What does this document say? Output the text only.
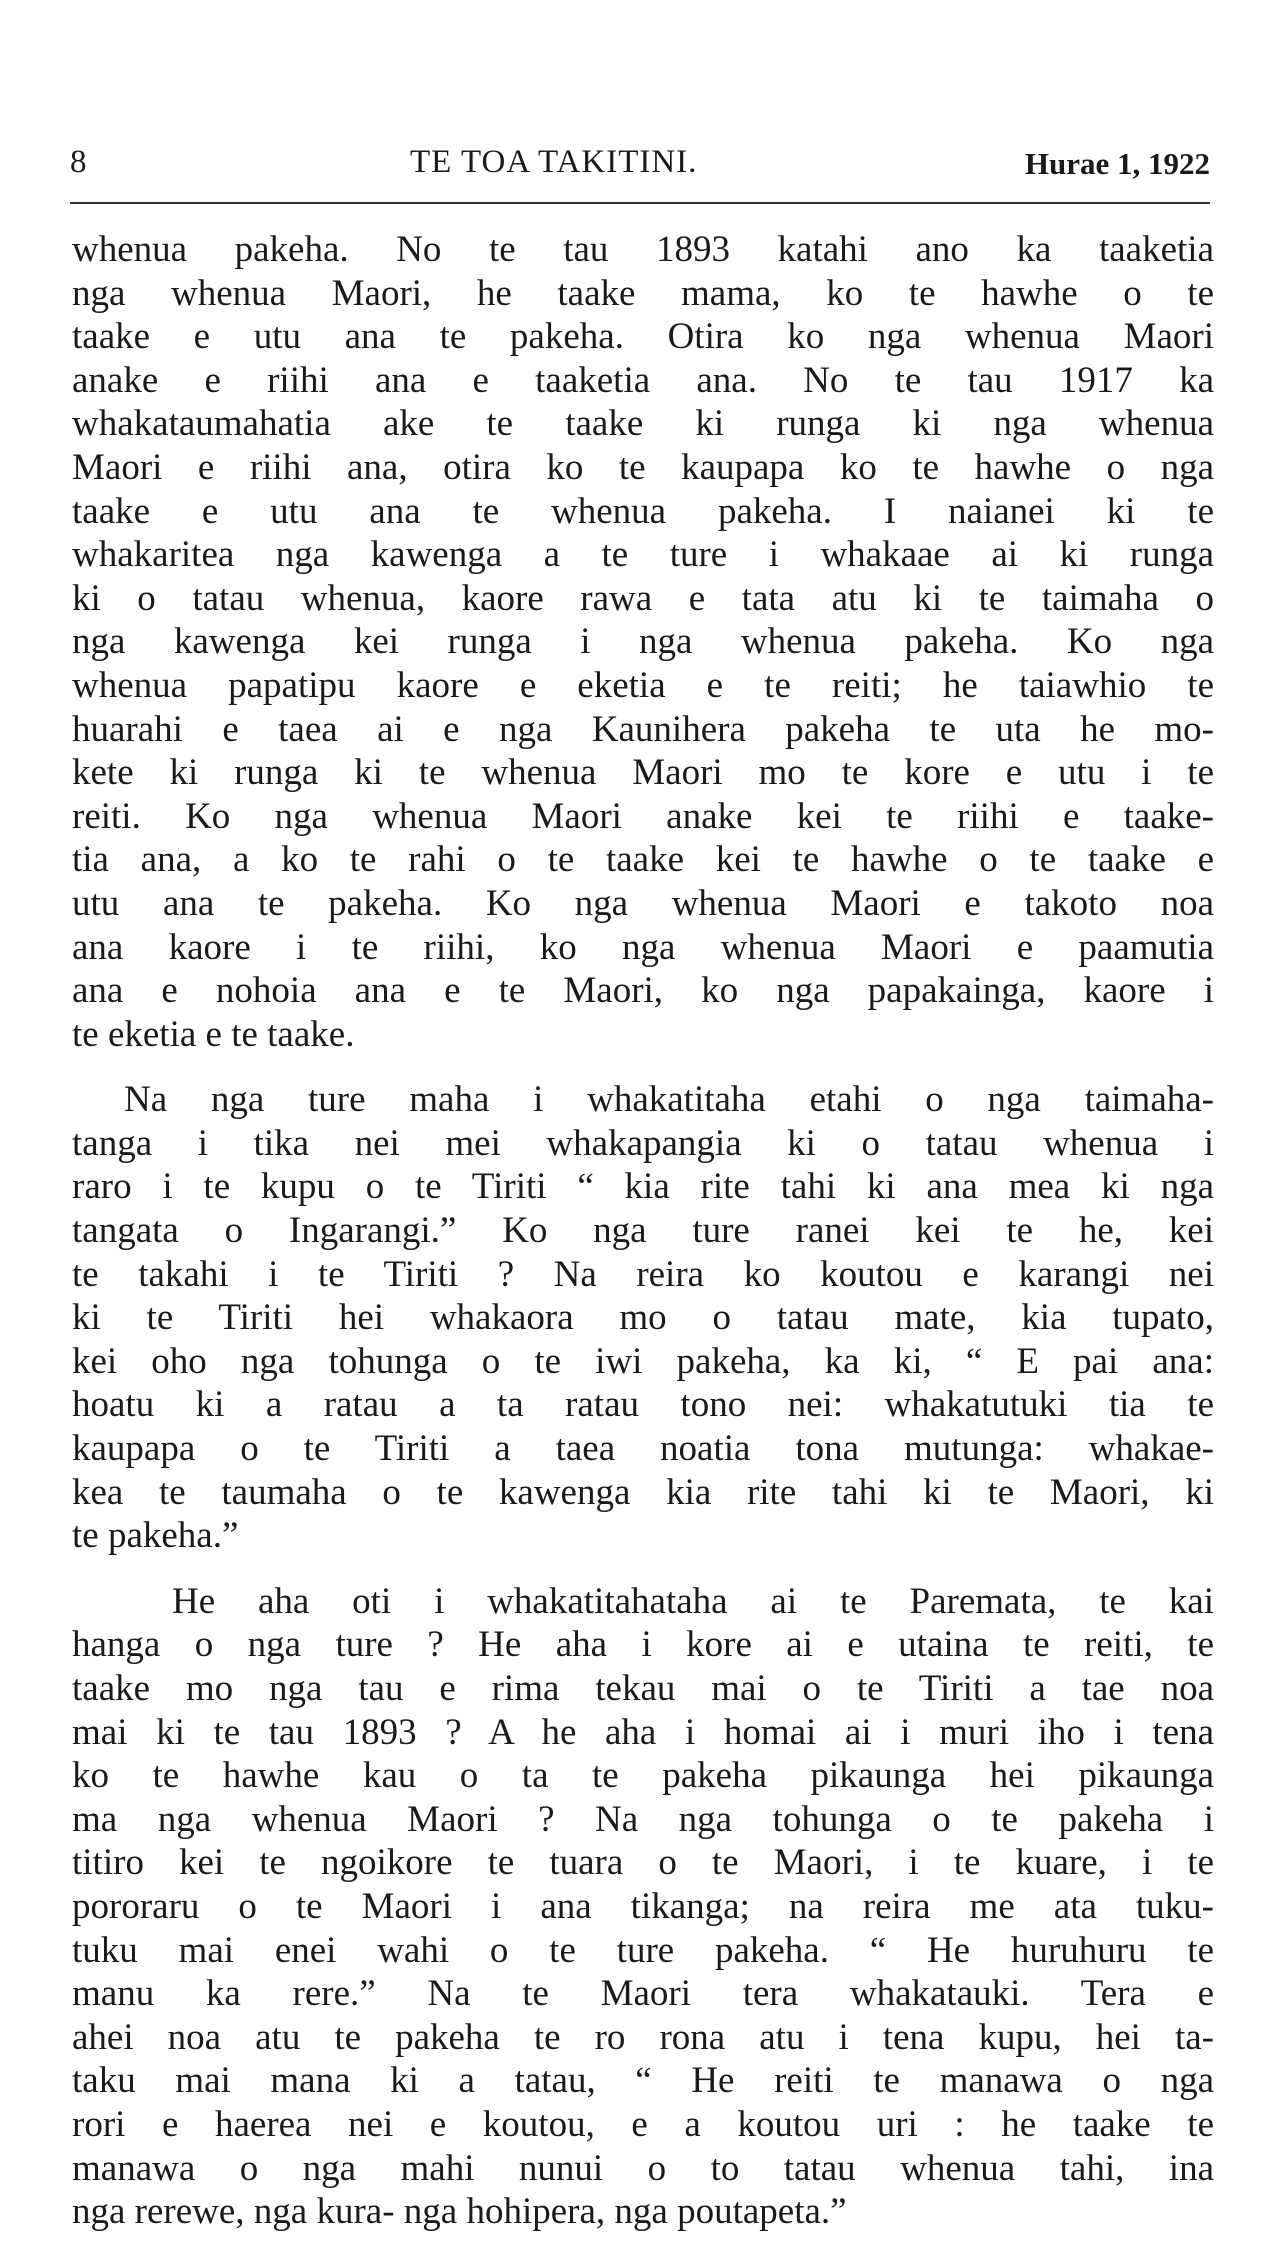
8	TE TOA TAKITINI.	Hurae 1, 1922
whenua pakeha. No te tau 1893 katahi ano ka taaketia
nga whenua Maori, he taake mama, ko te hawhe o te
taake e utu ana te pakeha. Otira ko nga whenua Maori
anake e riihi ana e taaketia ana. No te tau 1917 ka
whakataumahatia ake te taake ki runga ki nga whenua
Maori e riihi ana, otira ko te kaupapa ko te hawhe o nga
taake e utu ana te whenua pakeha. I naianei ki te
whakaritea nga kawenga a te ture i whakaae ai ki runga
ki o tatau whenua, kaore rawa e tata atu ki te taimaha o
nga kawenga kei runga i nga whenua pakeha. Ko nga
whenua papatipu kaore e eketia e te reiti; he taiawhio te
huarahi e taea ai e nga Kaunihera pakeha te uta he mo-
kete ki runga ki te whenua Maori mo te kore e utu i te
reiti. Ko nga whenua Maori anake kei te riihi e taake-
tia ana, a ko te rahi o te taake kei te hawhe o te taake e
utu ana te pakeha. Ko nga whenua Maori e takoto noa
ana kaore i te riihi, ko nga whenua Maori e paamutia
ana e nohoia ana e te Maori, ko nga papakainga, kaore i
te eketia e te taake.
Na nga ture maha i whakatitaha etahi o nga taimaha-
tanga i tika nei mei whakapangia ki o tatau whenua i
raro i te kupu o te Tiriti “ kia rite tahi ki ana mea ki nga
tangata o Ingarangi.” Ko nga ture ranei kei te he, kei
te takahi i te Tiriti ? Na reira ko koutou e karangi nei
ki te Tiriti hei whakaora mo o tatau mate, kia tupato,
kei oho nga tohunga o te iwi pakeha, ka ki, “ E pai ana:
hoatu ki a ratau a ta ratau tono nei: whakatutuki tia te
kaupapa o te Tiriti a taea noatia tona mutunga: whakae-
kea te taumaha o te kawenga kia rite tahi ki te Maori, ki
te pakeha.”
He aha oti i whakatitahataha ai te Paremata, te kai
hanga o nga ture ? He aha i kore ai e utaina te reiti, te
taake mo nga tau e rima tekau mai o te Tiriti a tae noa
mai ki te tau 1893 ? A he aha i homai ai i muri iho i tena
ko te hawhe kau o ta te pakeha pikaunga hei pikaunga
ma nga whenua Maori ? Na nga tohunga o te pakeha i
titiro kei te ngoikore te tuara o te Maori, i te kuare, i te
pororaru o te Maori i ana tikanga; na reira me ata tuku-
tuku mai enei wahi o te ture pakeha. “ He huruhuru te
manu ka rere.” Na te Maori tera whakatauki. Tera e
ahei noa atu te pakeha te ro rona atu i tena kupu, hei ta-
taku mai mana ki a tatau, “ He reiti te manawa o nga
rori e haerea nei e koutou, e a koutou uri : he taake te
manawa o nga mahi nunui o to tatau whenua tahi, ina
nga rerewe, nga kura- nga hohipera, nga poutapeta.”
